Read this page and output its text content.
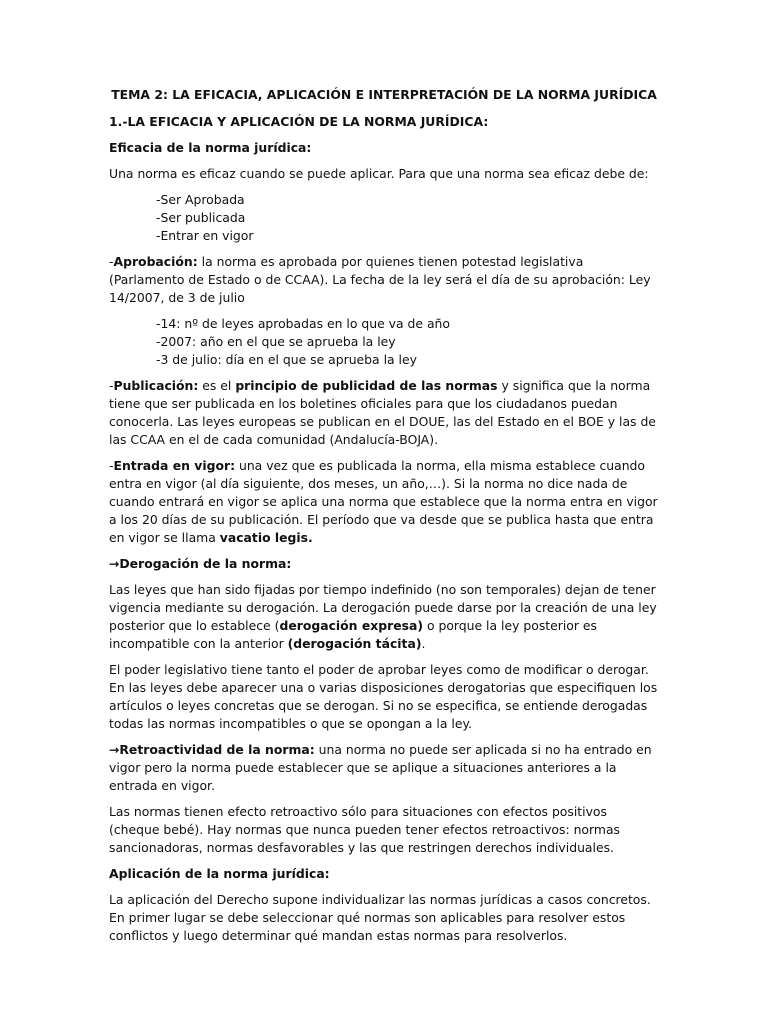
TEMA 2: LA EFICACIA, APLICACIÓN E INTERPRETACIÓN DE LA NORMA JURÍDICA

1.-LA EFICACIA Y APLICACIÓN DE LA NORMA JURÍDICA:

Eficacia de la norma jurídica:

Una norma es eficaz cuando se puede aplicar. Para que una norma sea eficaz debe de:

-Ser Aprobada
-Ser publicada
-Entrar en vigor

-Aprobación: la norma es aprobada por quienes tienen potestad legislativa (Parlamento de Estado o de CCAA). La fecha de la ley será el día de su aprobación: Ley 14/2007, de 3 de julio

-14: nº de leyes aprobadas en lo que va de año
-2007: año en el que se aprueba la ley
-3 de julio: día en el que se aprueba la ley

-Publicación: es el principio de publicidad de las normas y significa que la norma tiene que ser publicada en los boletines oficiales para que los ciudadanos puedan conocerla. Las leyes europeas se publican en el DOUE, las del Estado en el BOE y las de las CCAA en el de cada comunidad (Andalucía-BOJA).

-Entrada en vigor: una vez que es publicada la norma, ella misma establece cuando entra en vigor (al día siguiente, dos meses, un año,…). Si la norma no dice nada de cuando entrará en vigor se aplica una norma que establece que la norma entra en vigor a los 20 días de su publicación. El período que va desde que se publica hasta que entra en vigor se llama vacatio legis.

→Derogación de la norma:

Las leyes que han sido fijadas por tiempo indefinido (no son temporales) dejan de tener vigencia mediante su derogación. La derogación puede darse por la creación de una ley posterior que lo establece (derogación expresa) o porque la ley posterior es incompatible con la anterior (derogación tácita).

El poder legislativo tiene tanto el poder de aprobar leyes como de modificar o derogar. En las leyes debe aparecer una o varias disposiciones derogatorias que especifiquen los artículos o leyes concretas que se derogan. Si no se especifica, se entiende derogadas todas las normas incompatibles o que se opongan a la ley.

→Retroactividad de la norma: una norma no puede ser aplicada si no ha entrado en vigor pero la norma puede establecer que se aplique a situaciones anteriores a la entrada en vigor.

Las normas tienen efecto retroactivo sólo para situaciones con efectos positivos (cheque bebé). Hay normas que nunca pueden tener efectos retroactivos: normas sancionadoras, normas desfavorables y las que restringen derechos individuales.

Aplicación de la norma jurídica:

La aplicación del Derecho supone individualizar las normas jurídicas a casos concretos. En primer lugar se debe seleccionar qué normas son aplicables para resolver estos conflictos y luego determinar qué mandan estas normas para resolverlos.
